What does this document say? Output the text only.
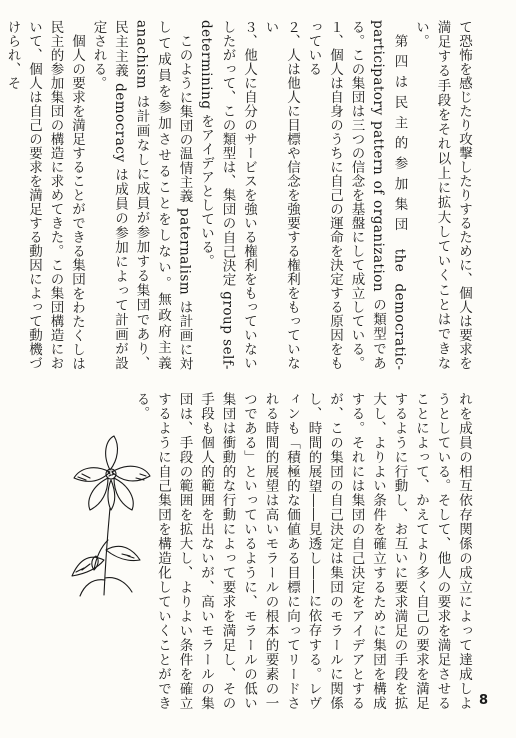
て恐怖を感じたり攻撃したりするために、個人は要求を満足する手段をそれ以上に拡大していくことはできない。

第四は民主的参加集団 the democratic-participatory pattern of organization の類型である。この集団は三つの信念を基盤にして成立している。

１、個人は自身のうちに自己の運命を決定する原因をもっている

２、人は他人に目標や信念を強要する権利をもっていない

３、他人に自分のサービスを強いる権利をもっていない

したがって、この類型は、集団の自己決定 group self-determining をアイデアとしている。

このように集団の温情主義 paternalism は計画に対して成員を参加させることをしない。無政府主義 anachism は計画なしに成員が参加する集団であり、民主主義 democracy は成員の参加によって計画が設定される。

個人の要求を満足することができる集団をわたくしは民主的参加集団の構造に求めてきた。この集団構造において、個人は自己の要求を満足する動因によって動機づけられ、そ

れを成員の相互依存関係の成立によって達成しようとしている。そして、他人の要求を満足させることによって、かえてより多く自己の要求を満足するように行動し、お互いに要求満足の手段を拡大し、よりよい条件を確立するために集団を構成する。それには集団の自己決定をアイデアとするが、この集団の自己決定は集団のモラールに関係し、時間的展望――見透し――に依存する。レヴィンも「積極的な価値ある目標に向ってリードされる時間的展望は高いモラールの根本的要素の一つである」といっているように、モラールの低い集団は衝動的な行動によって要求を満足し、その手段も個人的範囲を出ないが、高いモラールの集団は、手段の範囲を拡大し、よりよい条件を確立するように自己集団を構造化していくことができる。

8
